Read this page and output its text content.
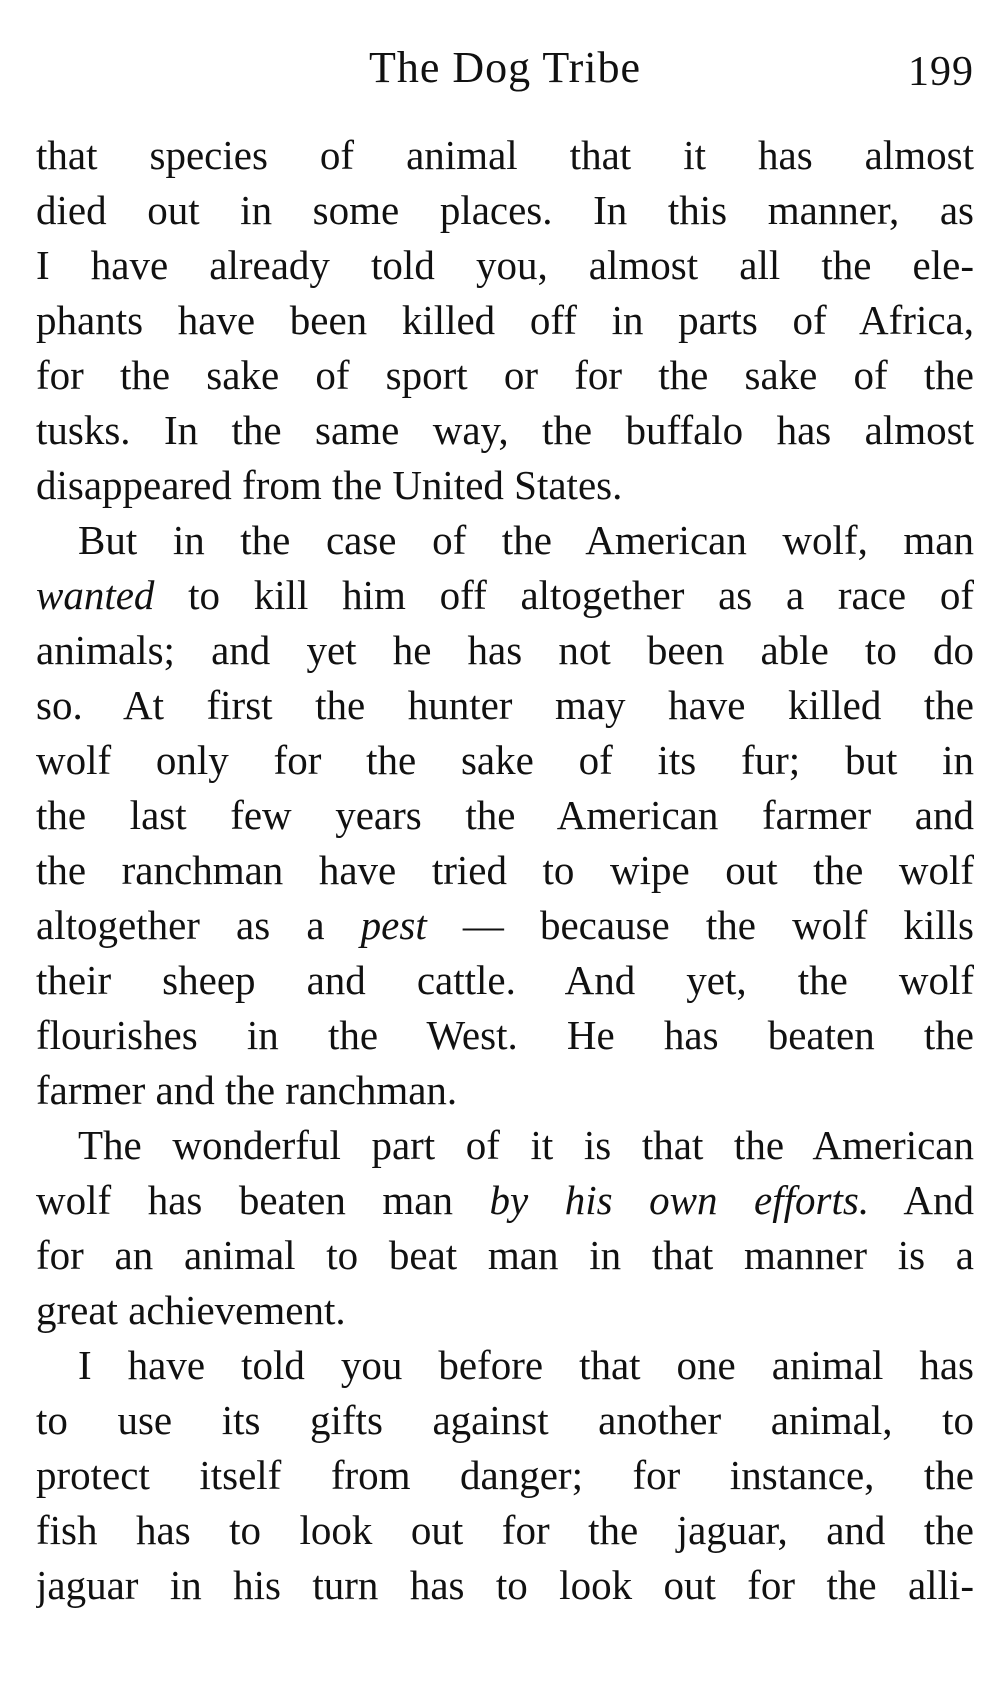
The Dog Tribe	199
that species of animal that it has almost
died out in some places. In this manner, as
I have already told you, almost all the ele-
phants have been killed off in parts of Africa,
for the sake of sport or for the sake of the
tusks. In the same way, the buffalo has almost
disappeared from the United States.
But in the case of the American wolf, man
wanted to kill him off altogether as a race of
animals; and yet he has not been able to do
so. At first the hunter may have killed the
wolf only for the sake of its fur; but in
the last few years the American farmer and
the ranchman have tried to wipe out the wolf
altogether as a pest — because the wolf kills
their sheep and cattle. And yet, the wolf
flourishes in the West. He has beaten the
farmer and the ranchman.
The wonderful part of it is that the American
wolf has beaten man by his own efforts. And
for an animal to beat man in that manner is a
great achievement.
I have told you before that one animal has
to use its gifts against another animal, to
protect itself from danger; for instance, the
fish has to look out for the jaguar, and the
jaguar in his turn has to look out for the alli-
